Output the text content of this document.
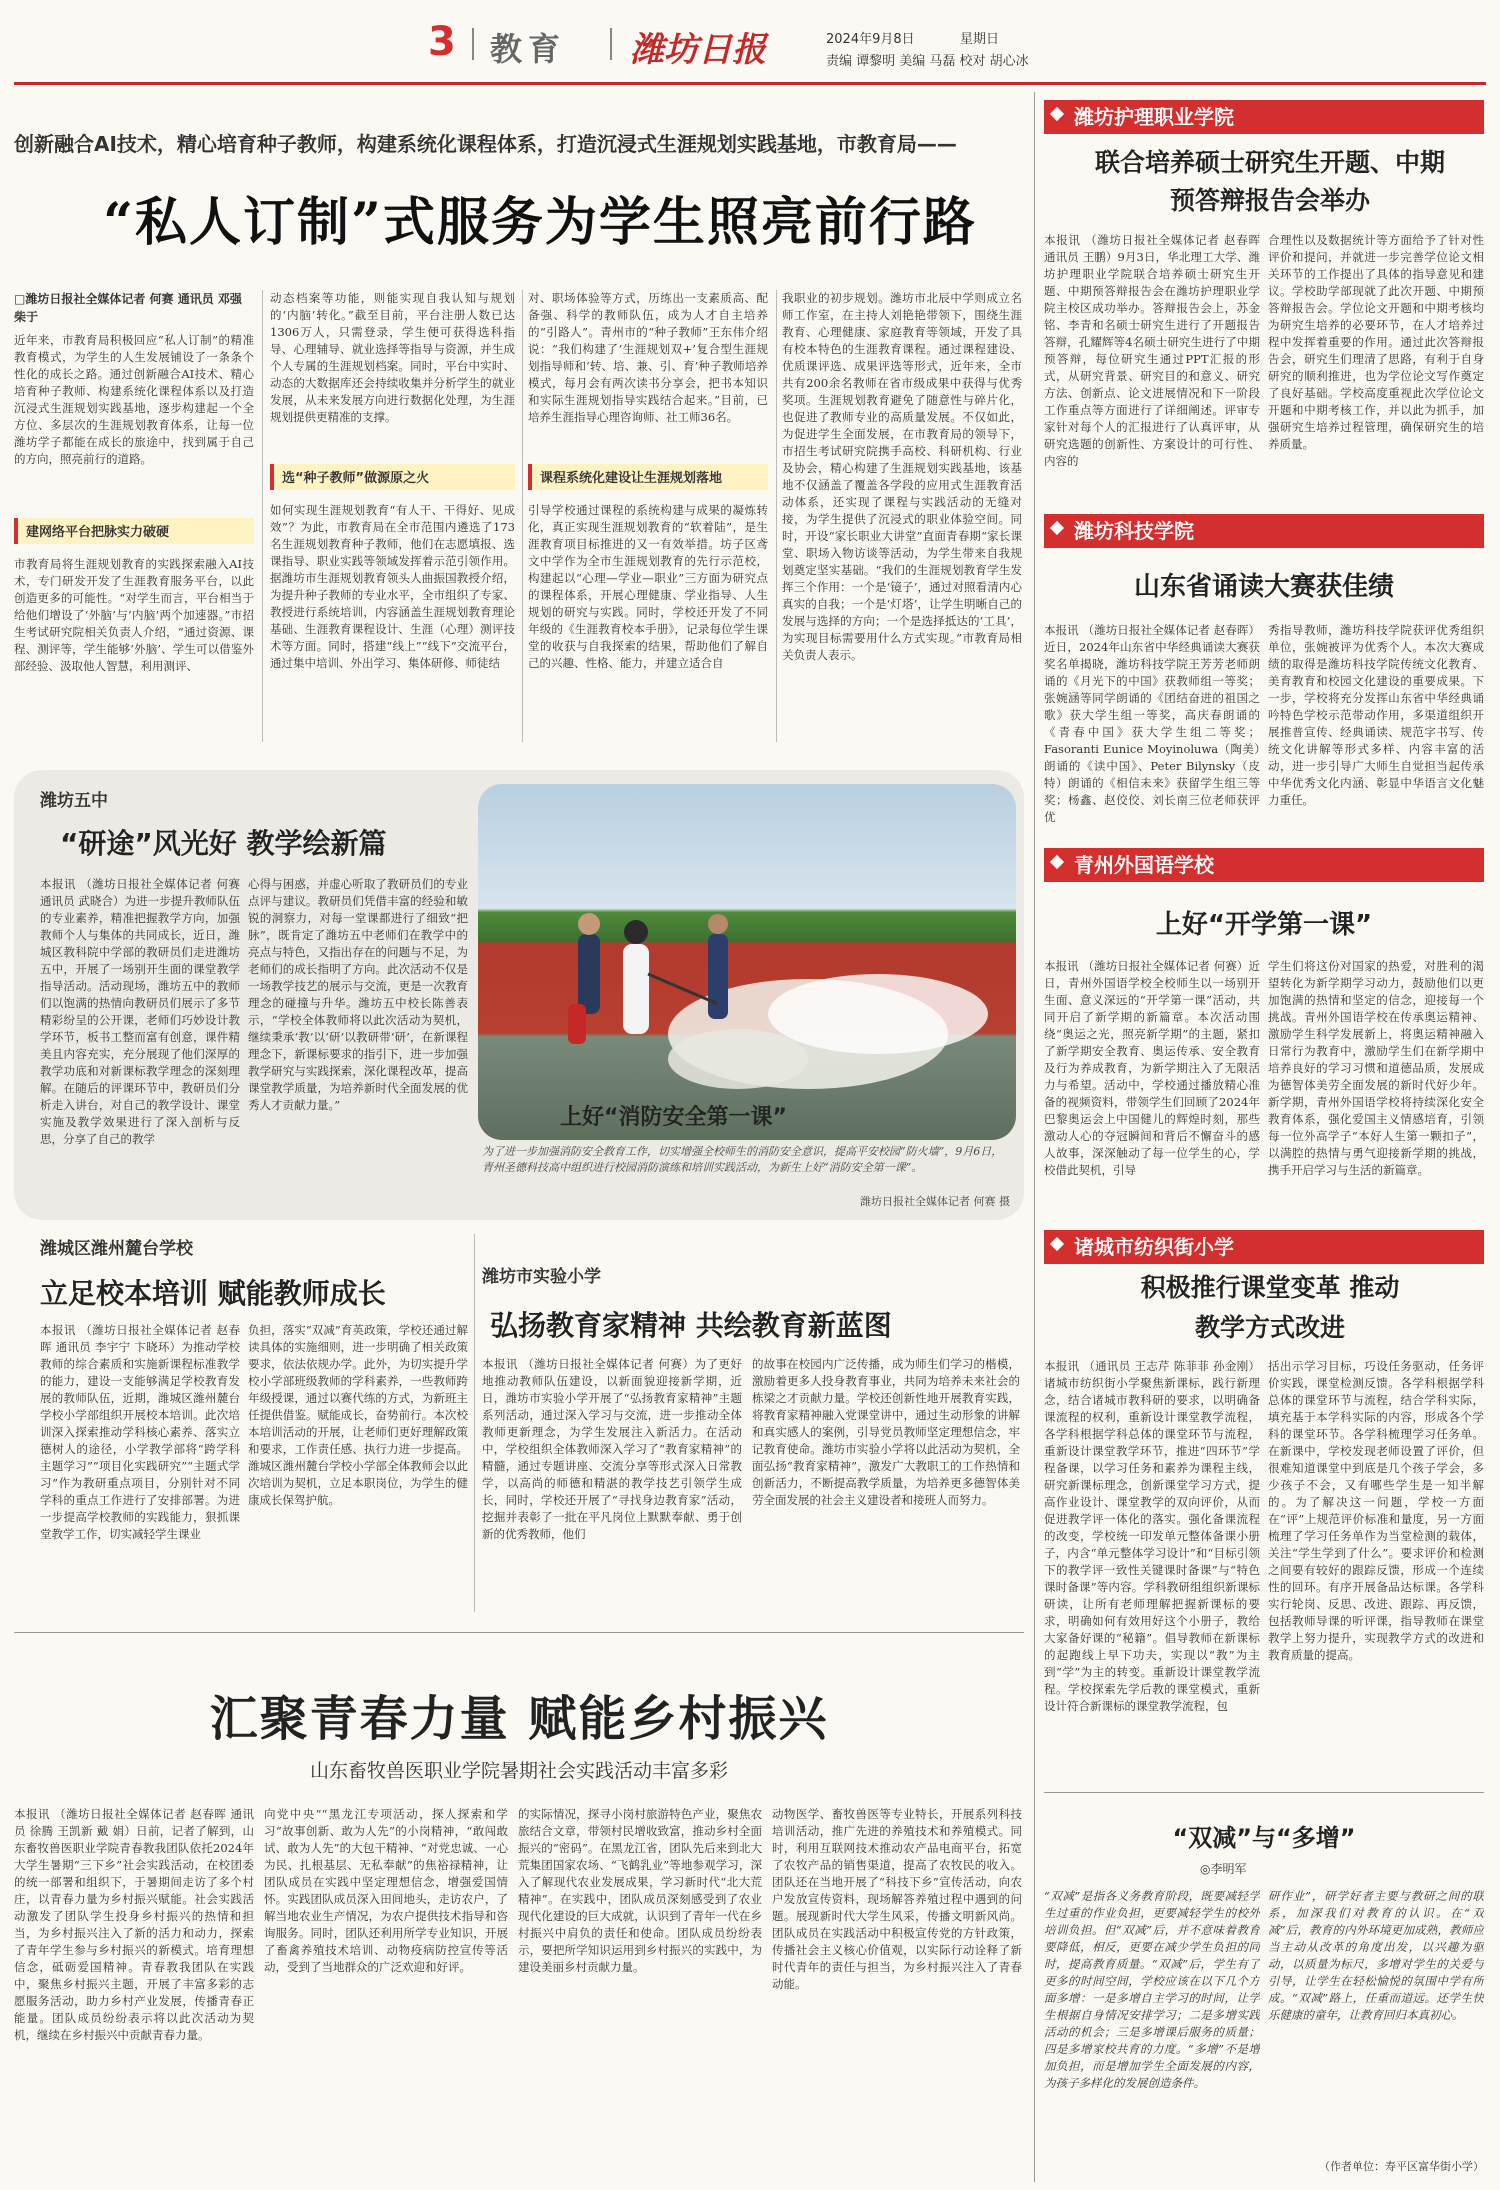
3 教育 潍坊日报	2024年9月8日	星期日
责编 谭黎明 美编 马磊 校对 胡心冰
创新融合AI技术，精心培育种子教师，构建系统化课程体系，打造沉浸式生涯规划实践基地，市教育局——
“私人订制”式服务为学生照亮前行路
□潍坊日报社全媒体记者 何赛 通讯员 邓强 柴于
近年来，市教育局积极回应“私人订制”的精准教育模式，为学生的人生发展铺设了一条条个性化的成长之路。通过创新融合AI技术、精心培育种子教师、构建系统化课程体系以及打造沉浸式生涯规划实践基地，逐步构建起一个全方位、多层次的生涯规划教育体系，让每一位潍坊学子都能在成长的旅途中，找到属于自己的方向，照亮前行的道路。
建网络平台把脉实力破硬
市教育局将生涯规划教育的实践探索融入AI技术，专门研发开发了生涯教育服务平台，以此创造更多的可能性。“对学生而言，平台相当于给他们增设了‘外脑’与‘内脑’两个加速器。”市招生考试研究院相关负责人介绍，“通过资源、课程、测评等，学生能够‘外脑’、学生可以借鉴外部经验、汲取他人智慧，利用测评、
动态档案等功能，则能实现自我认知与规划的‘内脑’转化。”截至目前，平台注册人数已达1306万人，只需登录，学生便可获得选科指导、心理辅导、就业选择等指导与资源，并生成个人专属的生涯规划档案。同时，平台中实时、动态的大数据库还会持续收集并分析学生的就业发展，从未来发展方向进行数据化处理，为生涯规划提供更精准的支撑。
选“种子教师”做源原之火
如何实现生涯规划教育“有人干、干得好、见成效”？为此，市教育局在全市范围内遴选了173名生涯规划教育种子教师，他们在志愿填报、选课指导、职业实践等领域发挥着示范引领作用。据潍坊市生涯规划教育领头人曲振国教授介绍，为提升种子教师的专业水平，全市组织了专家、教授进行系统培训，内容涵盖生涯规划教育理论基础、生涯教育课程设计、生涯（心理）测评技术等方面。同时，搭建“线上”“线下”交流平台，通过集中培训、外出学习、集体研修、师徒结
对、职场体验等方式，历练出一支素质高、配备强、科学的教师队伍，成为人才自主培养的“引路人”。青州市的“种子教师”王东伟介绍说：“我们构建了‘生涯规划双+’复合型生涯规划指导师和‘转、培、兼、引、育’种子教师培养模式，每月会有两次读书分享会，把书本知识和实际生涯规划指导实践结合起来。”目前，已培养生涯指导心理咨询师、社工师36名。
课程系统化建设让生涯规划落地
引导学校通过课程的系统构建与成果的凝炼转化，真正实现生涯规划教育的“软着陆”，是生涯教育项目标推进的又一有效举措。坊子区鸢文中学作为全市生涯规划教育的先行示范校，构建起以“心理—学业—职业”三方面为研究点的课程体系，开展心理健康、学业指导、人生规划的研究与实践。同时，学校还开发了不同年级的《生涯教育校本手册》，记录每位学生课堂的收获与自我探索的结果，帮助他们了解自己的兴趣、性格、能力，并建立适合自
我职业的初步规划。潍坊市北辰中学则成立名师工作室，在主持人刘艳艳带领下，围绕生涯教育、心理健康、家庭教育等领域，开发了具有校本特色的生涯教育课程。通过课程建设、优质课评选、成果评选等形式，近年来，全市共有200余名教师在省市级成果中获得与优秀奖项。生涯规划教育避免了随意性与碎片化，也促进了教师专业的高质量发展。不仅如此，为促进学生全面发展，在市教育局的领导下，市招生考试研究院携手高校、科研机构、行业及协会，精心构建了生涯规划实践基地，该基地不仅涵盖了覆盖各学段的应用式生涯教育活动体系，还实现了课程与实践活动的无缝对接，为学生提供了沉浸式的职业体验空间。同时，开设“家长职业大讲堂”直面青春期“家长课堂、职场入物访谈等活动，为学生带来自我规划奠定坚实基础。“我们的生涯规划教育学生发挥三个作用：一个是‘镜子’，通过对照看清内心真实的自我；一个是‘灯塔’，让学生明晰自己的发展与选择的方向；一个是选择抵达的‘工具’，为实现目标需要用什么方式实现。”市教育局相关负责人表示。
潍坊五中
“研途”风光好 教学绘新篇
本报讯 （潍坊日报社全媒体记者 何赛 通讯员 武晓合）为进一步提升教师队伍的专业素养，精准把握教学方向，加强教师个人与集体的共同成长，近日，潍城区教科院中学部的教研员们走进潍坊五中，开展了一场别开生面的课堂教学指导活动。活动现场，潍坊五中的教师们以饱满的热情向教研员们展示了多节精彩纷呈的公开课，老师们巧妙设计教学环节，板书工整而富有创意，课件精美且内容充实，充分展现了他们深厚的教学功底和对新课标教学理念的深刻理解。在随后的评课环节中，教研员们分析走入讲台，对自己的教学设计、课堂实施及教学效果进行了深入剖析与反思，分享了自己的教学
心得与困惑，并虚心听取了教研员们的专业点评与建议。教研员们凭借丰富的经验和敏锐的洞察力，对每一堂课都进行了细致“把脉”，既肯定了潍坊五中老师们在教学中的亮点与特色，又指出存在的问题与不足，为老师们的成长指明了方向。此次活动不仅是一场教学技艺的展示与交流，更是一次教育理念的碰撞与升华。潍坊五中校长陈善表示，“学校全体教师将以此次活动为契机，继续秉承‘教’以‘研’以教研带‘研’，在新课程理念下，新课标要求的指引下，进一步加强教学研究与实践探索，深化课程改革，提高课堂教学质量，为培养新时代全面发展的优秀人才贡献力量。”	上好“消防安全第一课”
为了进一步加强消防安全教育工作，切实增强全校师生的消防安全意识，提高平安校园“防火墙”，9月6日，青州圣德科技高中组织进行校园消防演练和培训实践活动，为新生上好“消防安全第一课”。
潍坊日报社全媒体记者 何赛 摄
潍城区潍州麓台学校
立足校本培训 赋能教师成长
本报讯 （潍坊日报社全媒体记者 赵春晖 通讯员 李宇宁 卞晓环）为推动学校教师的综合素质和实施新课程标准教学的能力，建设一支能够满足学校教育发展的教师队伍，近期，潍城区潍州麓台学校小学部组织开展校本培训。此次培训深入探索推动学科核心素养、落实立德树人的途径，小学教学部将“跨学科主题学习”“项目化实践研究”“主题式学习”作为教研重点项目，分别针对不同学科的重点工作进行了安排部署。为进一步提高学校教师的实践能力，狠抓课堂教学工作，切实减轻学生课业
负担，落实“双减”育英政策，学校还通过解读具体的实施细则，进一步明确了相关政策要求，依法依规办学。此外，为切实提升学校小学部班级教师的学科素养，一些教师跨年级授课，通过以赛代练的方式，为新班主任提供借鉴。赋能成长，奋势前行。本次校本培训活动的开展，让老师们更好理解政策和要求，工作责任感、执行力进一步提高。潍城区潍州麓台学校小学部全体教师会以此次培训为契机，立足本职岗位，为学生的健康成长保驾护航。
潍坊市实验小学
弘扬教育家精神 共绘教育新蓝图
本报讯 （潍坊日报社全媒体记者 何赛）为了更好地推动教师队伍建设，以新面貌迎接新学期，近日，潍坊市实验小学开展了“弘扬教育家精神”主题系列活动，通过深入学习与交流，进一步推动全体教师更新理念，为学生发展注入新活力。在活动中，学校组织全体教师深入学习了“教育家精神”的精髓，通过专题讲座、交流分享等形式深入日常教学，以高尚的师德和精湛的教学技艺引领学生成长，同时，学校还开展了“寻找身边教育家”活动，挖掘并表彰了一批在平凡岗位上默默奉献、勇于创新的优秀教师，他们
的故事在校园内广泛传播，成为师生们学习的楷模，激励着更多人投身教育事业，共同为培养未来社会的栋梁之才贡献力量。学校还创新性地开展教育实践，将教育家精神融入党课堂讲中，通过生动形象的讲解和真实感人的案例，引导党员教师坚定理想信念，牢记教育使命。潍坊市实验小学将以此活动为契机，全面弘扬“教育家精神”，激发广大教职工的工作热情和创新活力，不断提高教学质量，为培养更多德智体美劳全面发展的社会主义建设者和接班人而努力。
汇聚青春力量 赋能乡村振兴
山东畜牧兽医职业学院暑期社会实践活动丰富多彩
本报讯 （潍坊日报社全媒体记者 赵春晖 通讯员 徐腾 王凯新 戴 娟）日前，记者了解到，山东畜牧兽医职业学院青春教我团队依托2024年大学生暑期“三下乡”社会实践活动，在校团委的统一部署和组织下，于暑期间走访了多个村庄，以青春力量为乡村振兴赋能。社会实践活动激发了团队学生投身乡村振兴的热情和担当，为乡村振兴注入了新的活力和动力，探索了青年学生参与乡村振兴的新模式。培育理想信念，砥砺爱国精神。青春教我团队在实践中，聚焦乡村振兴主题，开展了丰富多彩的志愿服务活动，助力乡村产业发展，传播青春正能量。团队成员纷纷表示将以此次活动为契机，继续在乡村振兴中贡献青春力量。
向党中央”“黑龙江专项活动，探人探索和学习“故事创新、敢为人先”的小岗精神，“敢闯敢试、敢为人先”的大包干精神、“对党忠诚、一心为民、扎根基层、无私奉献”的焦裕禄精神，让团队成员在实践中坚定理想信念，增强爱国情怀。实践团队成员深入田间地头，走访农户，了解当地农业生产情况，为农户提供技术指导和咨询服务。同时，团队还利用所学专业知识，开展了畜禽养殖技术培训、动物疫病防控宣传等活动，受到了当地群众的广泛欢迎和好评。
的实际情况，探寻小岗村旅游特色产业，聚焦农旅结合文章，带领村民增收致富，推动乡村全面振兴的“密码”。在黑龙江省，团队先后来到北大荒集团国家农场、“飞鹤乳业”等地参观学习，深入了解现代农业发展成果，学习新时代“北大荒精神”。在实践中，团队成员深刻感受到了农业现代化建设的巨大成就，认识到了青年一代在乡村振兴中肩负的责任和使命。团队成员纷纷表示，要把所学知识运用到乡村振兴的实践中，为建设美丽乡村贡献力量。
动物医学、畜牧兽医等专业特长，开展系列科技培训活动，推广先进的养殖技术和养殖模式。同时，利用互联网技术推动农产品电商平台，拓宽了农牧产品的销售渠道，提高了农牧民的收入。团队还在当地开展了“科技下乡”宣传活动，向农户发放宣传资料，现场解答养殖过程中遇到的问题。展现新时代大学生风采，传播文明新风尚。团队成员在实践活动中积极宣传党的方针政策，传播社会主义核心价值观，以实际行动诠释了新时代青年的责任与担当，为乡村振兴注入了青春动能。
潍坊护理职业学院
联合培养硕士研究生开题、中期预答辩报告会举办
本报讯 （潍坊日报社全媒体记者 赵春晖 通讯员 王鹏）9月3日，华北理工大学、潍坊护理职业学院联合培养硕士研究生开题、中期预答辩报告会在潍坊护理职业学院主校区成功举办。答辩报告会上，苏金铭、李青和名硕士研究生进行了开题报告答辩，孔耀辉等4名硕士研究生进行了中期预答辩，每位研究生通过PPT汇报的形式，从研究背景、研究目的和意义、研究方法、创新点、论文进展情况和下一阶段工作重点等方面进行了详细阐述。评审专家针对每个人的汇报进行了认真评审，从研究选题的创新性、方案设计的可行性、内容的
合理性以及数据统计等方面给予了针对性评价和提问，并就进一步完善学位论文相关环节的工作提出了具体的指导意见和建议。学校助学部现就了此次开题、中期预答辩报告会。学位论文开题和中期考核均为研究生培养的必要环节，在人才培养过程中发挥着重要的作用。通过此次答辩报告会，研究生们理清了思路，有利于自身研究的顺利推进，也为学位论文写作奠定了良好基础。学校高度重视此次学位论文开题和中期考核工作，并以此为抓手，加强研究生培养过程管理，确保研究生的培养质量。
潍坊科技学院
山东省诵读大赛获佳绩
本报讯 （潍坊日报社全媒体记者 赵春晖）近日，2024年山东省中华经典诵读大赛获奖名单揭晓，潍坊科技学院王芳芳老师朗诵的《月光下的中国》获教师组一等奖；张婉涵等同学朗诵的《团结奋进的祖国之歌》获大学生组一等奖，高庆春朗诵的《青春中国》获大学生组二等奖；Fasoranti Eunice Moyinoluwa（陶美）朗诵的《读中国》、Peter Bilynsky（皮特）朗诵的《相信未来》获留学生组三等奖；杨鑫、赵佼佼、刘长南三位老师获评优
秀指导教师，潍坊科技学院获评优秀组织单位，张婉被评为优秀个人。本次大赛成绩的取得是潍坊科技学院传统文化教育、美育教育和校园文化建设的重要成果。下一步，学校将充分发挥山东省中华经典诵吟特色学校示范带动作用，多渠道组织开展推普宣传、经典诵读、规范字书写、传统文化讲解等形式多样、内容丰富的活动，进一步引导广大师生自觉担当起传承中华优秀文化内涵、彰显中华语言文化魅力重任。
青州外国语学校
上好“开学第一课”
本报讯 （潍坊日报社全媒体记者 何赛）近日，青州外国语学校全校师生以一场别开生面、意义深远的“开学第一课”活动，共同开启了新学期的新篇章。本次活动围绕“奥运之光，照亮新学期”的主题，紧扣了新学期安全教育、奥运传承、安全教育及行为养成教育，为新学期注入了无限活力与希望。活动中，学校通过播放精心准备的视频资料，带领学生们回顾了2024年巴黎奥运会上中国健儿的辉煌时刻，那些激动人心的夺冠瞬间和背后不懈奋斗的感人故事，深深触动了每一位学生的心，学校借此契机，引导
学生们将这份对国家的热爱，对胜利的渴望转化为新学期学习动力，鼓励他们以更加饱满的热情和坚定的信念，迎接每一个挑战。青州外国语学校在传承奥运精神、激励学生科学发展新上，将奥运精神融入日常行为教育中，激励学生们在新学期中培养良好的学习习惯和道德品质，发展成为德智体美劳全面发展的新时代好少年。新学期，青州外国语学校将持续深化安全教育体系，强化爱国主义情感培育，引领每一位外高学子“本好人生第一颗扣子”，以满腔的热情与勇气迎接新学期的挑战，携手开启学习与生活的新篇章。
诸城市纺织街小学
积极推行课堂变革 推动教学方式改进
本报讯 （通讯员 王志芹 陈菲菲 孙金刚）诸城市纺织街小学聚焦新课标，践行新理念，结合诸城市教科研的要求，以明确备课流程的权利，重新设计课堂教学流程，各学科根据学科总体的课堂环节与流程，重新设计课堂教学环节，推进“四环节”学程备课，以学习任务和素养为课程主线，研究新课标理念，创新课堂学习方式，提高作业设计、课堂教学的双向评价，从而促进教学评一体化的落实。强化备课流程的改变，学校统一印发单元整体备课小册子，内含“单元整体学习设计”和“目标引领下的教学评一致性关键课时备课”与“特色课时备课”等内容。学科教研组组织新课标研读，让所有老师理解把握新课标的要求，明确如何有效用好这个小册子，教给大家备好课的“秘籍”。倡导教师在新课标的起跑线上早下功夫，实现以“教”为主到“学”为主的转变。重新设计课堂教学流程。学校探索先学后教的课堂模式，重新设计符合新课标的课堂教学流程，包
括出示学习目标，巧设任务驱动，任务评价实践，课堂检测反馈。各学科根据学科总体的课堂环节与流程，结合学科实际，填充基于本学科实际的内容，形成各个学科的课堂环节。各学科梳理学习任务单。在新课中，学校发现老师设置了评价，但很难知道课堂中到底是几个孩子学会，多少孩子不会，又有哪些学生是一知半解的。为了解决这一问题，学校一方面在“评”上规范评价标准和量度，另一方面梳理了学习任务单作为当堂检测的载体，关注“学生学到了什么”。要求评价和检测之间要有较好的跟踪反馈，形成一个连续性的回环。有序开展备品达标课。各学科实行轮岗、反思、改进、跟踪、再反馈，包括教师导课的听评课，指导教师在课堂教学上努力提升，实现教学方式的改进和教育质量的提高。
“双减”与“多增”
◎李明军
“双减”是指各义务教育阶段，既要减轻学生过重的作业负担，更要减轻学生的校外培训负担。但“双减”后，并不意味着教育要降低，相反，更要在减少学生负担的同时，提高教育质量。“双减”后，学生有了更多的时间空间，学校应该在以下几个方面多增：一是多增自主学习的时间，让学生根据自身情况安排学习；二是多增实践活动的机会；三是多增课后服务的质量；四是多增家校共育的力度。“多增”不是增加负担，而是增加学生全面发展的内容，为孩子多样化的发展创造条件。
研作业”，研学好者主要与教研之间的联系，加深我们对教育的认识。在“双减”后，教育的内外环境更加成熟，教师应当主动从改革的角度出发，以兴趣为驱动，以质量为标尺，多增对学生的关爱与引导，让学生在轻松愉悦的氛围中学有所成。“双减”路上，任重而道远。还学生快乐健康的童年，让教育回归本真初心。
（作者单位：寿平区富华街小学）
